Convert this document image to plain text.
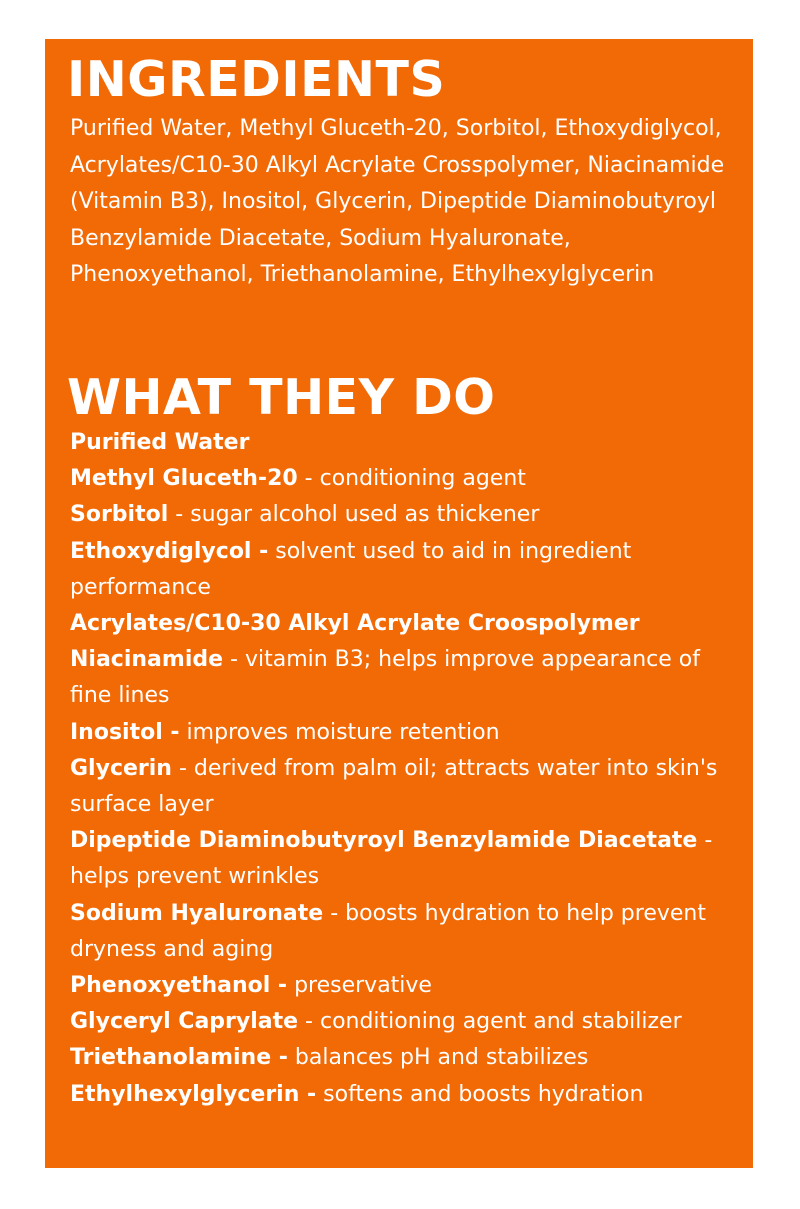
INGREDIENTS

Purified Water, Methyl Gluceth-20, Sorbitol, Ethoxydiglycol, Acrylates/C10-30 Alkyl Acrylate Crosspolymer, Niacinamide (Vitamin B3), Inositol, Glycerin, Dipeptide Diaminobutyroyl Benzylamide Diacetate, Sodium Hyaluronate, Phenoxyethanol, Triethanolamine, Ethylhexylglycerin

WHAT THEY DO
Purified Water
Methyl Gluceth-20 - conditioning agent
Sorbitol - sugar alcohol used as thickener
Ethoxydiglycol - solvent used to aid in ingredient performance
Acrylates/C10-30 Alkyl Acrylate Croospolymer
Niacinamide - vitamin B3; helps improve appearance of fine lines
Inositol - improves moisture retention
Glycerin - derived from palm oil; attracts water into skin's surface layer
Dipeptide Diaminobutyroyl Benzylamide Diacetate - helps prevent wrinkles
Sodium Hyaluronate - boosts hydration to help prevent dryness and aging
Phenoxyethanol - preservative
Glyceryl Caprylate - conditioning agent and stabilizer
Triethanolamine - balances pH and stabilizes
Ethylhexylglycerin - softens and boosts hydration
